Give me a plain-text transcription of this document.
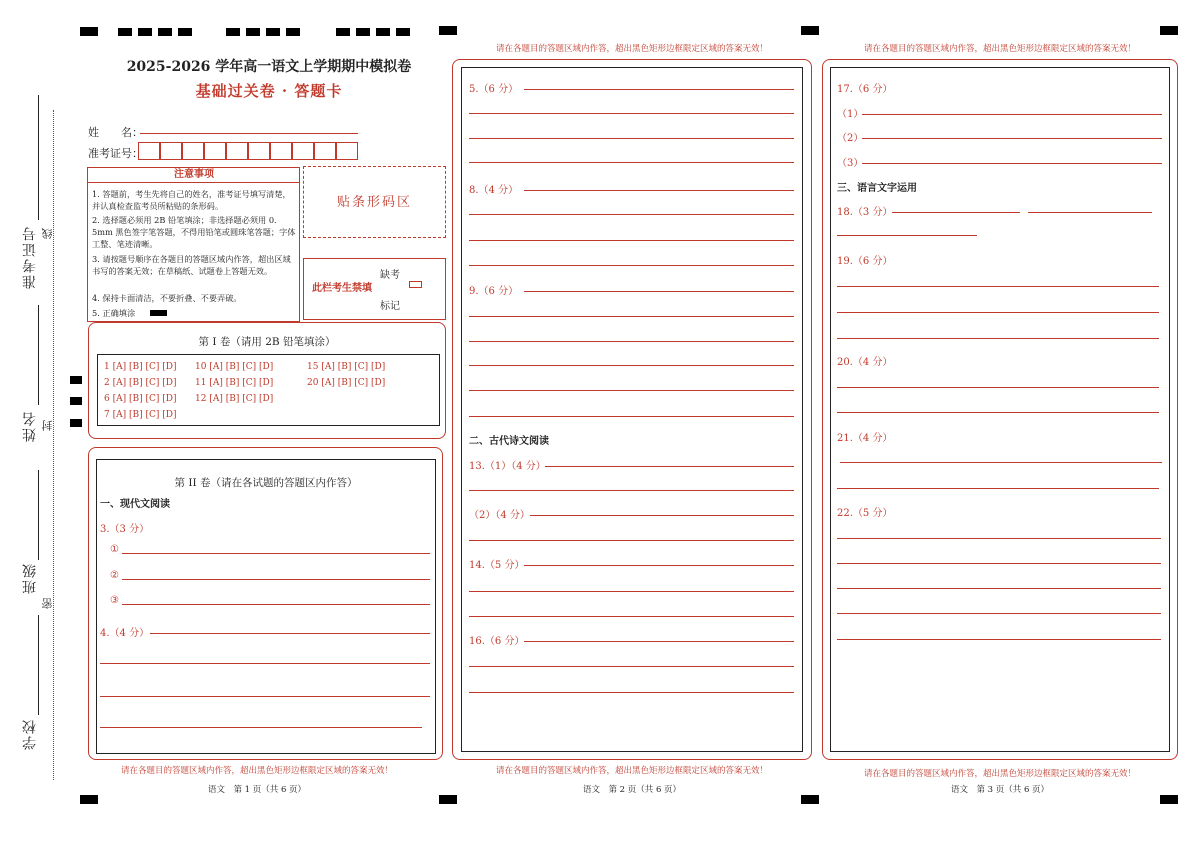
准考证号 线
姓名 封
班级
密
学校
2025-2026 学年高一语文上学期期中模拟卷
基础过关卷 · 答题卡
姓　　名：
准考证号：
注意事项
1. 答题前，考生先将自己的姓名，准考证号填写清楚，并认真检查监考员所粘贴的条形码。
2. 选择题必须用 2B 铅笔填涂；非选择题必须用 0．5mm 黑色签字笔答题，不得用铅笔或圆珠笔答题；字体工整、笔迹清晰。
3. 请按题号顺序在各题目的答题区域内作答，超出区域书写的答案无效；在草稿纸、试题卷上答题无效。
4. 保持卡面清洁，不要折叠、不要弄破。
5. 正确填涂
贴条形码区
缺考
此栏考生禁填
标记
第 I 卷（请用 2B 铅笔填涂）
1 [A] [B] [C] [D]
2 [A] [B] [C] [D]
6 [A] [B] [C] [D]
7 [A] [B] [C] [D]
10 [A] [B] [C] [D]
11 [A] [B] [C] [D]
12 [A] [B] [C] [D]
15 [A] [B] [C] [D]
20 [A] [B] [C] [D]
第 II 卷（请在各试题的答题区内作答）
一、现代文阅读
3.（3 分）
①
②
③
4.（4 分）
请在各题目的答题区域内作答，超出黑色矩形边框限定区域的答案无效！
语文　第 1 页（共 6 页）
请在各题目的答题区域内作答，超出黑色矩形边框限定区域的答案无效！
5.（6 分）
8.（4 分）
9.（6 分）
二、古代诗文阅读
13.（1）（4 分）
（2）（4 分）
14.（5 分）
16.（6 分）
请在各题目的答题区域内作答，超出黑色矩形边框限定区域的答案无效！
语文　第 2 页（共 6 页）
请在各题目的答题区域内作答，超出黑色矩形边框限定区域的答案无效！
17.（6 分）
（1）
（2）
（3）
三、语言文字运用
18.（3 分）
19.（6 分）
20.（4 分）
21.（4 分）
22.（5 分）
请在各题目的答题区域内作答，超出黑色矩形边框限定区域的答案无效！
语文　第 3 页（共 6 页）
